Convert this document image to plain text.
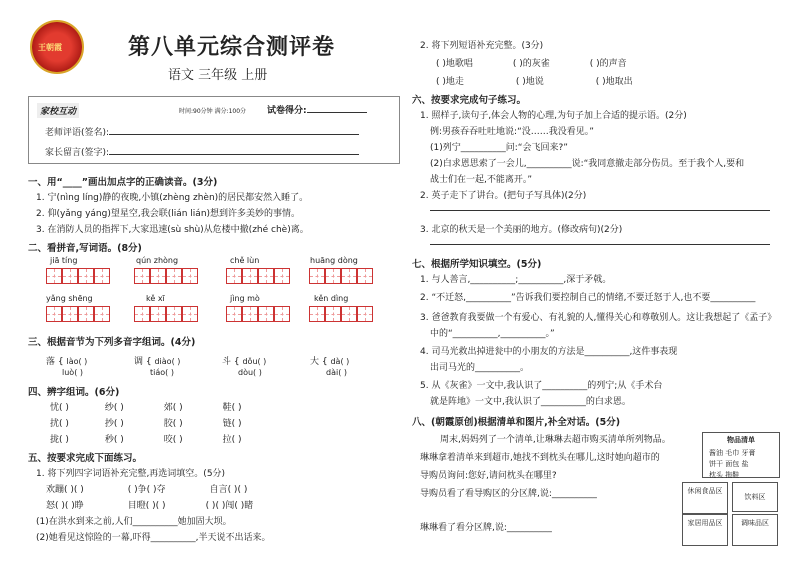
王朝霞	第八单元综合测评卷
语文 三年级 上册
家校互动	时间:90分钟 满分:100分 试卷得分:
老师评语(签名):
家长留言(签字):
一、用“____”画出加点字的正确读音。(3分)
1. 宁(nìng líng)静的夜晚,小镇(zhèng zhèn)的居民都安然入睡了。
2. 仰(yǎng yáng)望星空,我会联(lián lián)想到许多美妙的事情。
3. 在消防人员的指挥下,大家迅速(sù shù)从危楼中撤(zhé chè)离。
二、看拼音,写词语。(8分)
jiā tíng	qún zhòng	chě lùn	huāng dòng

yǎng shēng	kě xī	jìng mò	kěn dìng

三、根据音节为下列多音字组词。(4分)
落 { lào( )
luò( )
调 { diào( )
tiáo( )
斗 { dǒu( )
dòu( )
大 { dà( )
dài( )
四、辨字组词。(6分)
忧( )	纱( )	郊( )	鞋( )
扰( )	抄( )	胶( )	链( )
拢( )	秒( )	咬( )	拉( )
五、按要求完成下面练习。
1. 将下列四字词语补充完整,再选词填空。(5分)
欢蹦( )( )	( )争( )夺	自言( )( )
怒( )( )睁	目瞪( )( )	( )( )闯( )睹
(1)在洪水到来之前,人们__________她加固大坝。
(2)她看见这惊险的一幕,吓得__________,半天说不出话来。
2. 将下列短语补充完整。(3分)
( )地歌唱	( )的灰雀	( )的声音
( )地走	( )地说	( )地取出
六、按要求完成句子练习。
1. 照样子,读句子,体会人物的心理,为句子加上合适的提示语。(2分)
例:男孩吞吞吐吐地说:“没……我没看见。”
(1)列宁__________问:“会飞回来?”
(2)白求恩思索了一会儿,__________说:“我同意撤走部分伤员。至于我个人,要和
战士们在一起,不能离开。”
2. 英子走下了讲台。(把句子写具体)(2分)
3. 北京的秋天是一个美丽的地方。(修改病句)(2分)
七、根据所学知识填空。(5分)
1. 与人善言,__________;__________,深于矛戟。
2. “不迁怒,__________”告诉我们要控制自己的情绪,不要迁怒于人,也不要__________
3. 爸爸教育我要做一个有爱心、有礼貌的人,懂得关心和尊敬别人。这让我想起了《孟子》
中的“__________,__________。”
4. 司马光救出掉进瓮中的小朋友的方法是__________,这件事表现
出司马光的__________。
5. 从《灰雀》一文中,我认识了__________的列宁;从《手术台
就是阵地》一文中,我认识了__________的白求恩。
八、(朝霞原创)根据清单和图片,补全对话。(5分)
周末,妈妈列了一个清单,让琳琳去超市购买清单所列物品。
琳琳拿着清单来到超市,她找不到枕头在哪儿,这时她向超市的
导购员询问:您好,请问枕头在哪里?
导购员看了看导购区的分区牌,说:__________
琳琳看了看分区牌,说:__________
物品清单
酱油 毛巾 牙膏
饼干 面包 盐
枕头 拖鞋
休闲食品区
饮料区
家居用品区	调味品区
